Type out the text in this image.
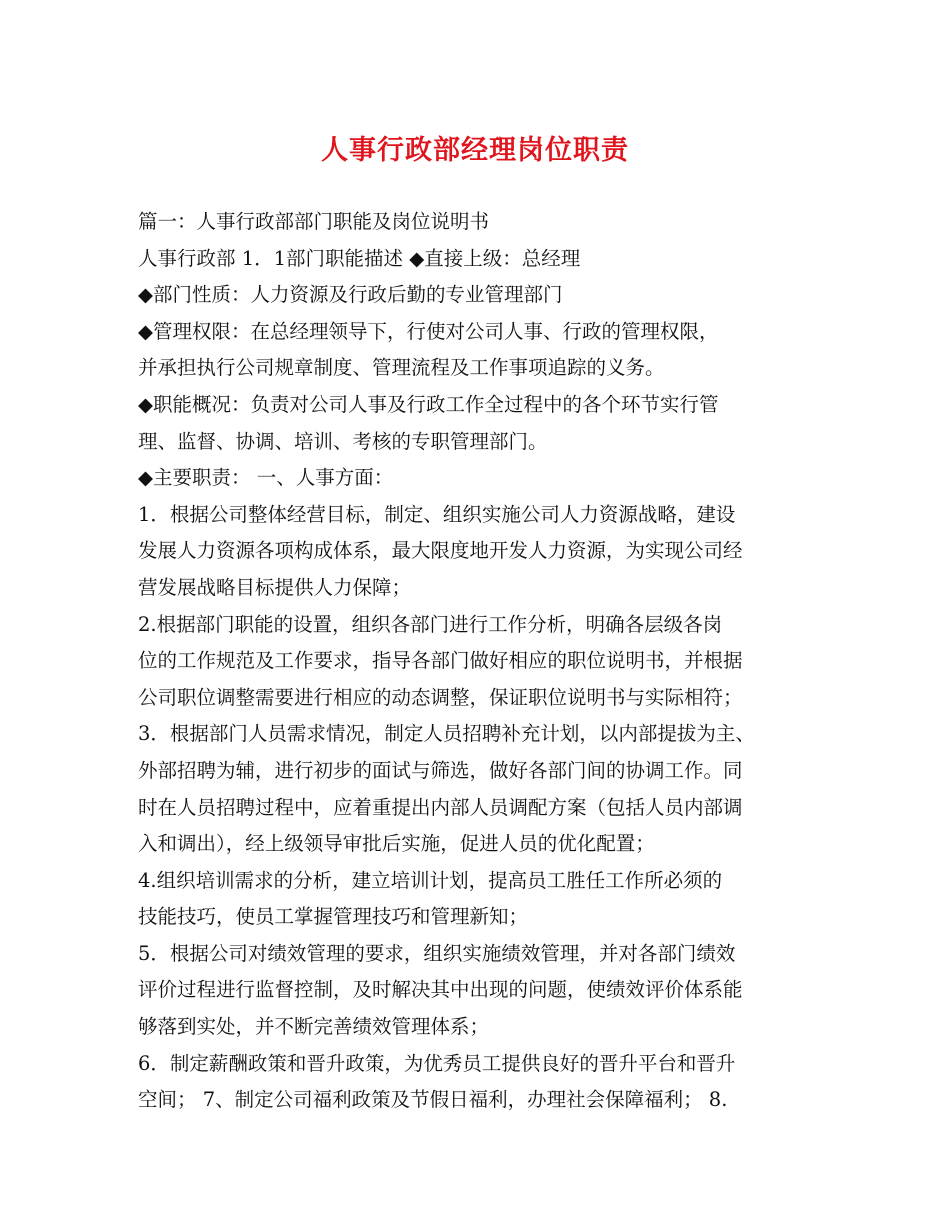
人事行政部经理岗位职责
篇一：人事行政部部门职能及岗位说明书
人事行政部 1．1部门职能描述 ◆直接上级：总经理
◆部门性质：人力资源及行政后勤的专业管理部门
◆管理权限：在总经理领导下，行使对公司人事、行政的管理权限，
并承担执行公司规章制度、管理流程及工作事项追踪的义务。
◆职能概况：负责对公司人事及行政工作全过程中的各个环节实行管
理、监督、协调、培训、考核的专职管理部门。
◆主要职责： 一、人事方面：
1．根据公司整体经营目标，制定、组织实施公司人力资源战略，建设
发展人力资源各项构成体系，最大限度地开发人力资源，为实现公司经
营发展战略目标提供人力保障；
2.根据部门职能的设置，组织各部门进行工作分析，明确各层级各岗
位的工作规范及工作要求，指导各部门做好相应的职位说明书，并根据
公司职位调整需要进行相应的动态调整，保证职位说明书与实际相符；
3．根据部门人员需求情况，制定人员招聘补充计划，以内部提拔为主、
外部招聘为辅，进行初步的面试与筛选，做好各部门间的协调工作。同
时在人员招聘过程中，应着重提出内部人员调配方案（包括人员内部调
入和调出），经上级领导审批后实施，促进人员的优化配置；
4.组织培训需求的分析，建立培训计划，提高员工胜任工作所必须的
技能技巧，使员工掌握管理技巧和管理新知；
5．根据公司对绩效管理的要求，组织实施绩效管理，并对各部门绩效
评价过程进行监督控制，及时解决其中出现的问题，使绩效评价体系能
够落到实处，并不断完善绩效管理体系；
6．制定薪酬政策和晋升政策，为优秀员工提供良好的晋升平台和晋升
空间； 7、制定公司福利政策及节假日福利，办理社会保障福利； 8.
